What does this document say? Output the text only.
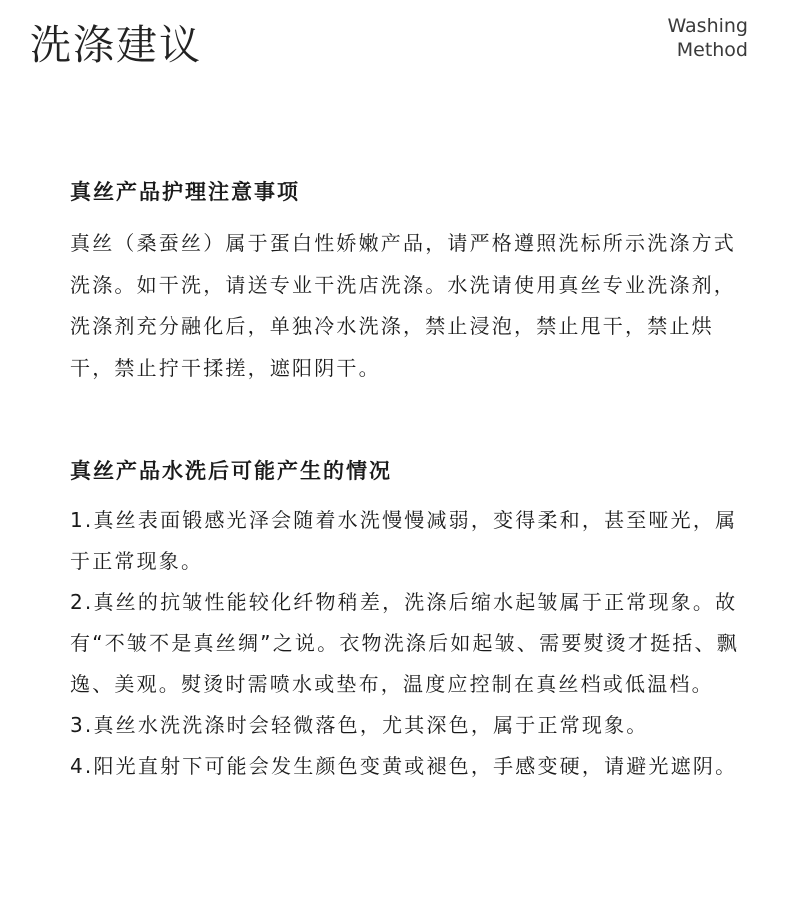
洗涤建议	Washing
Method
真丝产品护理注意事项

真丝（桑蚕丝）属于蛋白性娇嫩产品，请严格遵照洗标所示洗涤方式洗涤。如干洗，请送专业干洗店洗涤。水洗请使用真丝专业洗涤剂，洗涤剂充分融化后，单独冷水洗涤，禁止浸泡，禁止甩干，禁止烘干，禁止拧干揉搓，遮阳阴干。

真丝产品水洗后可能产生的情况
1.真丝表面锻感光泽会随着水洗慢慢减弱，变得柔和，甚至哑光，属于正常现象。
2.真丝的抗皱性能较化纤物稍差，洗涤后缩水起皱属于正常现象。故有“不皱不是真丝绸”之说。衣物洗涤后如起皱、需要熨烫才挺括、飘逸、美观。熨烫时需喷水或垫布，温度应控制在真丝档或低温档。
3.真丝水洗洗涤时会轻微落色，尤其深色，属于正常现象。
4.阳光直射下可能会发生颜色变黄或褪色，手感变硬，请避光遮阴。
